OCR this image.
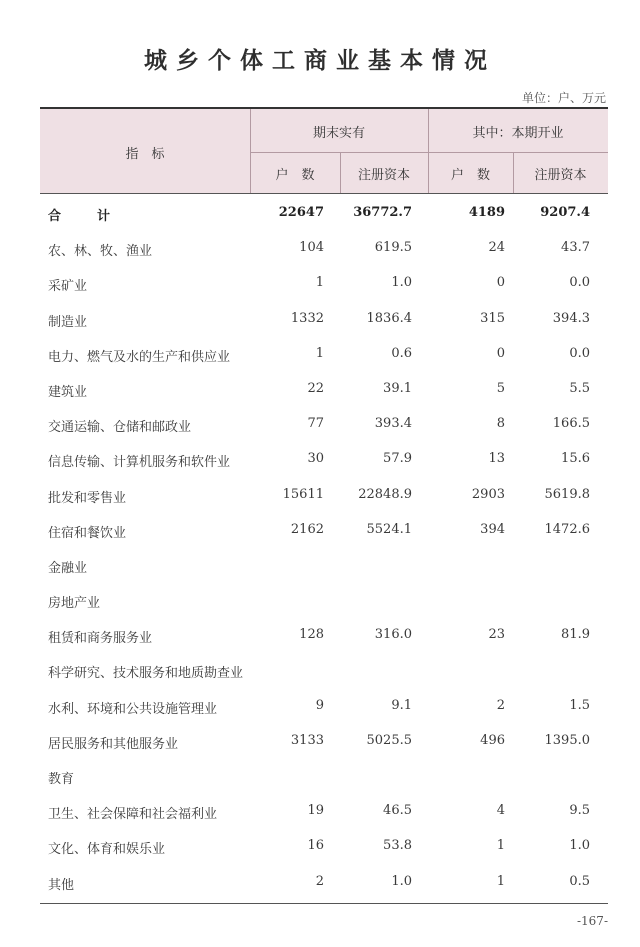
城乡个体工商业基本情况
单位：户、万元
指　标
期末实有	其中：本期开业
户　数	注册资本	户　数	注册资本
合计	22647 36772.7	4189	9207.4
农、林、牧、渔业	104	619.5	24	43.7
采矿业	1	1.0	0	0.0
制造业	1332	1836.4	315	394.3
电力、燃气及水的生产和供应业	1	0.6	0	0.0
建筑业	22	39.1	5	5.5
交通运输、仓储和邮政业	77	393.4	8	166.5
信息传输、计算机服务和软件业	30	57.9	13	15.6
批发和零售业	15611	22848.9	2903	5619.8
住宿和餐饮业	2162	5524.1	394	1472.6
金融业
房地产业
租赁和商务服务业	128	316.0	23	81.9
科学研究、技术服务和地质勘查业
水利、环境和公共设施管理业	9	9.1	2	1.5
居民服务和其他服务业	3133	5025.5	496	1395.0
教育
卫生、社会保障和社会福利业	19	46.5	4	9.5
文化、体育和娱乐业	16	53.8	1	1.0
其他	2	1.0	1	0.5
-167-
